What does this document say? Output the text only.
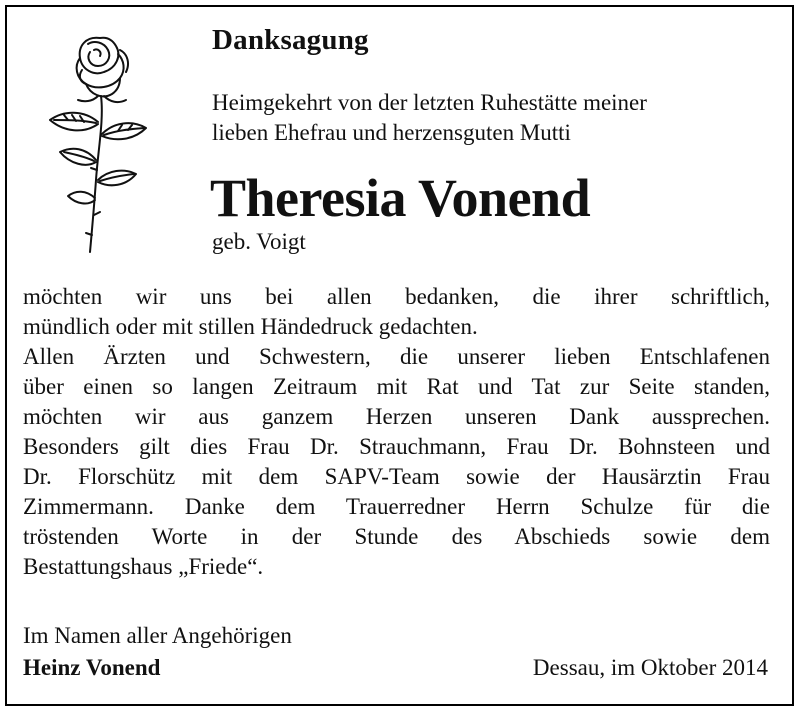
Danksagung
Heimgekehrt von der letzten Ruhestätte meiner
lieben Ehefrau und herzensguten Mutti
Theresia Vonend
geb. Voigt
möchten wir uns bei allen bedanken, die ihrer schriftlich,
mündlich oder mit stillen Händedruck gedachten.
Allen Ärzten und Schwestern, die unserer lieben Entschlafenen
über einen so langen Zeitraum mit Rat und Tat zur Seite standen,
möchten wir aus ganzem Herzen unseren Dank aussprechen.
Besonders gilt dies Frau Dr. Strauchmann, Frau Dr. Bohnsteen und
Dr. Florschütz mit dem SAPV-Team sowie der Hausärztin Frau
Zimmermann. Danke dem Trauerredner Herrn Schulze für die
tröstenden Worte in der Stunde des Abschieds sowie dem
Bestattungshaus „Friede“.
Im Namen aller Angehörigen
Heinz Vonend	Dessau, im Oktober 2014
